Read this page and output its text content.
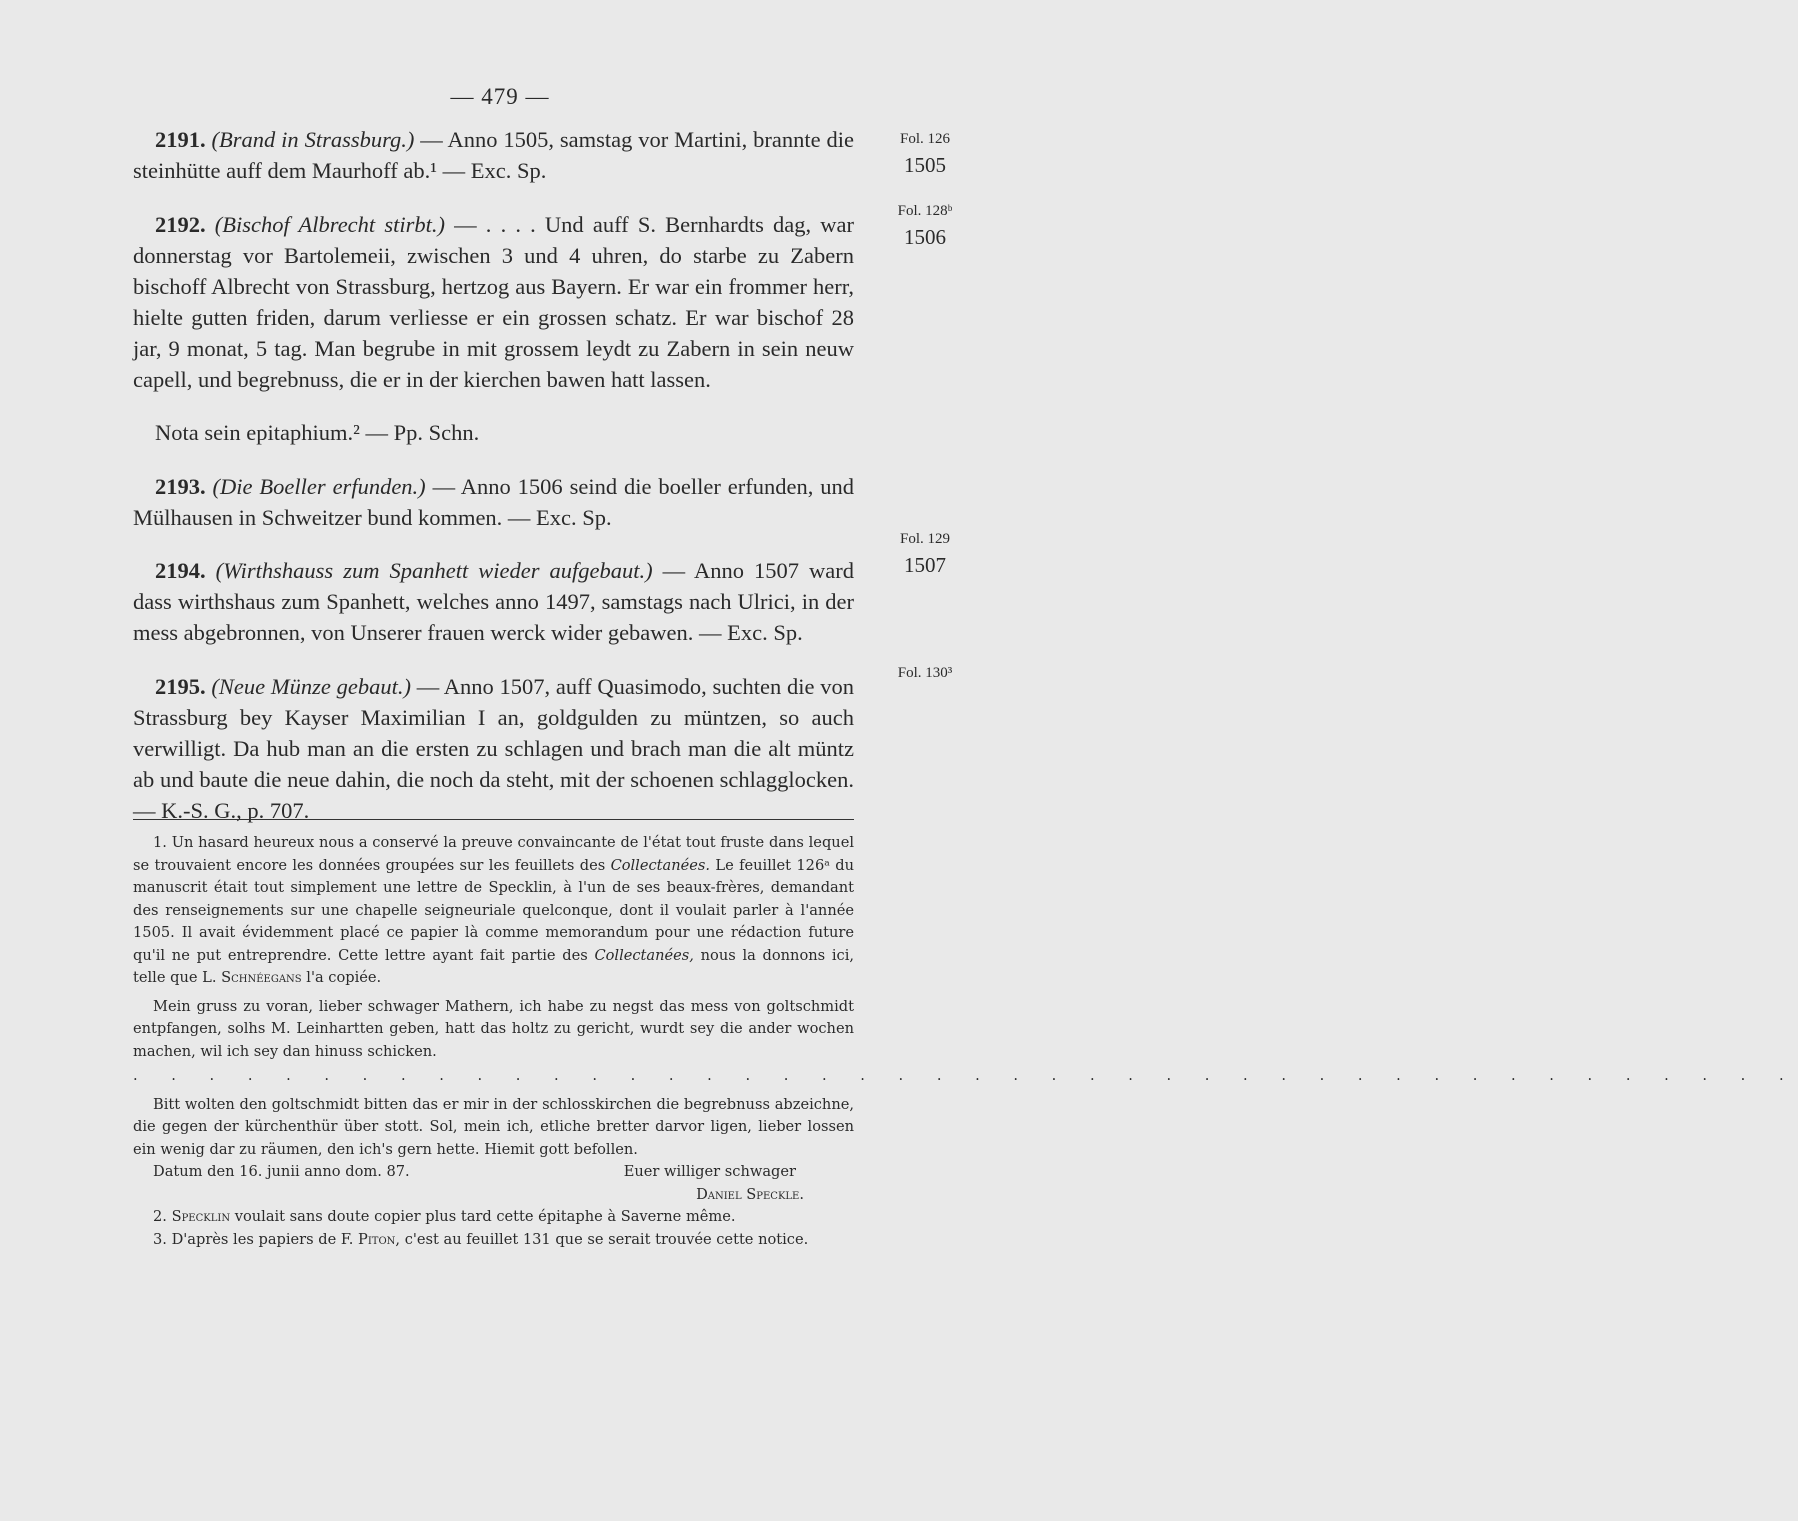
— 479 —
Fol. 126
1505
Fol. 128ᵇ
1506
Fol. 129
1507
Fol. 130³

2191. (Brand in Strassburg.) — Anno 1505, samstag vor Martini, brannte die steinhütte auff dem Maurhoff ab.¹ — Exc. Sp.

2192. (Bischof Albrecht stirbt.) — . . . . Und auff S. Bernhardts dag, war donnerstag vor Bartolemeii, zwischen 3 und 4 uhren, do starbe zu Zabern bischoff Albrecht von Strassburg, hertzog aus Bayern. Er war ein frommer herr, hielte gutten friden, darum verliesse er ein grossen schatz. Er war bischof 28 jar, 9 monat, 5 tag. Man begrube in mit grossem leydt zu Zabern in sein neuw capell, und begrebnuss, die er in der kierchen bawen hatt lassen.

Nota sein epitaphium.² — Pp. Schn.

2193. (Die Boeller erfunden.) — Anno 1506 seind die boeller erfunden, und Mülhausen in Schweitzer bund kommen. — Exc. Sp.

2194. (Wirthshauss zum Spanhett wieder aufgebaut.) — Anno 1507 ward dass wirthshaus zum Spanhett, welches anno 1497, samstags nach Ulrici, in der mess abgebronnen, von Unserer frauen werck wider gebawen. — Exc. Sp.

2195. (Neue Münze gebaut.) — Anno 1507, auff Quasimodo, suchten die von Strassburg bey Kayser Maximilian I an, goldgulden zu müntzen, so auch verwilligt. Da hub man an die ersten zu schlagen und brach man die alt müntz ab und baute die neue dahin, die noch da steht, mit der schoenen schlagglocken. — K.-S. G., p. 707.

1. Un hasard heureux nous a conservé la preuve convaincante de l'état tout fruste dans lequel se trouvaient encore les données groupées sur les feuillets des Collectanées. Le feuillet 126ᵃ du manuscrit était tout simplement une lettre de Specklin, à l'un de ses beaux-frères, demandant des renseignements sur une chapelle seigneuriale quelconque, dont il voulait parler à l'année 1505. Il avait évidemment placé ce papier là comme memorandum pour une rédaction future qu'il ne put entreprendre. Cette lettre ayant fait partie des Collectanées, nous la donnons ici, telle que L. Schnéegans l'a copiée.

Mein gruss zu voran, lieber schwager Mathern, ich habe zu negst das mess von goltschmidt entpfangen, solhs M. Leinhartten geben, hatt das holtz zu gericht, wurdt sey die ander wochen machen, wil ich sey dan hinuss schicken.

. . . . . . . . . . . . . . . . . . . . . . . . . . . . . . . . . . . . . . . . . . . .

Bitt wolten den goltschmidt bitten das er mir in der schlosskirchen die begrebnuss abzeichne, die gegen der kürchenthür über stott. Sol, mein ich, etliche bretter darvor ligen, lieber lossen ein wenig dar zu räumen, den ich's gern hette. Hiemit gott befollen.

Datum den 16. junii anno dom. 87.	Euer williger schwager

Daniel Speckle.

2. Specklin voulait sans doute copier plus tard cette épitaphe à Saverne même.

3. D'après les papiers de F. Piton, c'est au feuillet 131 que se serait trouvée cette notice.
